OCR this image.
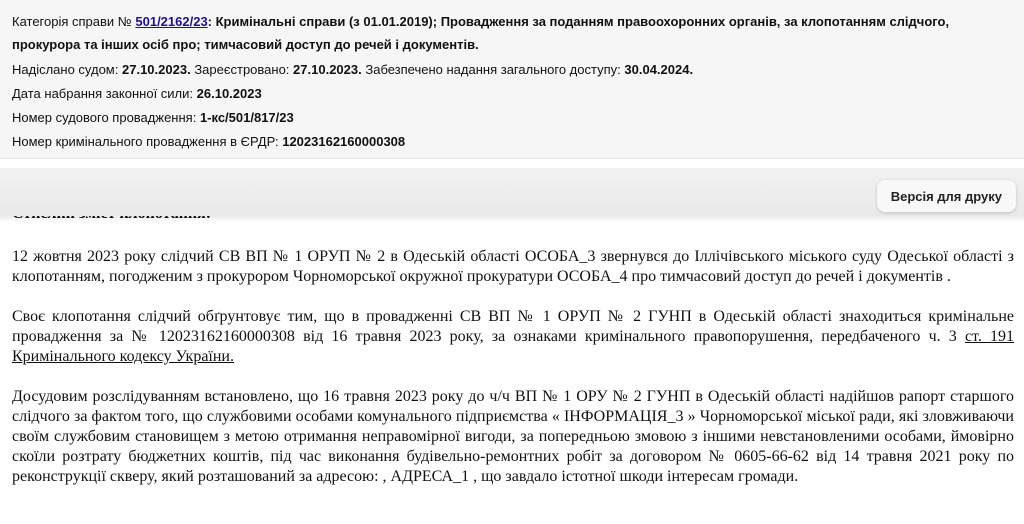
Категорія справи № 501/2162/23: Кримінальні справи (з 01.01.2019); Провадження за поданням правоохоронних органів, за клопотанням слідчого,
прокурора та інших осіб про; тимчасовий доступ до речей і документів.
Надіслано судом: 27.10.2023. Зареєстровано: 27.10.2023. Забезпечено надання загального доступу: 30.04.2024.
Дата набрання законної сили: 26.10.2023
Номер судового провадження: 1-кс/501/817/23
Номер кримінального провадження в ЄРДР: 12023162160000308
Версія для друку

12 жовтня 2023 року слідчий СВ ВП № 1 ОРУП № 2 в Одеській області ОСОБА_3 звернувся до Іллічівського міського суду Одеської області з клопотанням, погодженим з прокурором Чорноморської окружної прокуратури ОСОБА_4 про тимчасовий доступ до речей і документів .

Своє клопотання слідчий обґрунтовує тим, що в провадженні СВ ВП № 1 ОРУП № 2 ГУНП в Одеській області знаходиться кримінальне провадження за № 12023162160000308 від 16 травня 2023 року, за ознаками кримінального правопорушення, передбаченого ч. 3 ст. 191 Кримінального кодексу України.

Досудовим розслідуванням встановлено, що 16 травня 2023 року до ч/ч ВП № 1 ОРУ № 2 ГУНП в Одеській області надійшов рапорт старшого слідчого за фактом того, що службовими особами комунального підприємства « ІНФОРМАЦІЯ_3 » Чорноморської міської ради, які зловживаючи своїм службовим становищем з метою отримання неправомірної вигоди, за попередньою змовою з іншими невстановленими особами, ймовірно скоїли розтрату бюджетних коштів, під час виконання будівельно-ремонтних робіт за договором № 0605-66-62 від 14 травня 2021 року по реконструкції скверу, який розташований за адресою: , АДРЕСА_1 , що завдало істотної шкоди інтересам громади.
